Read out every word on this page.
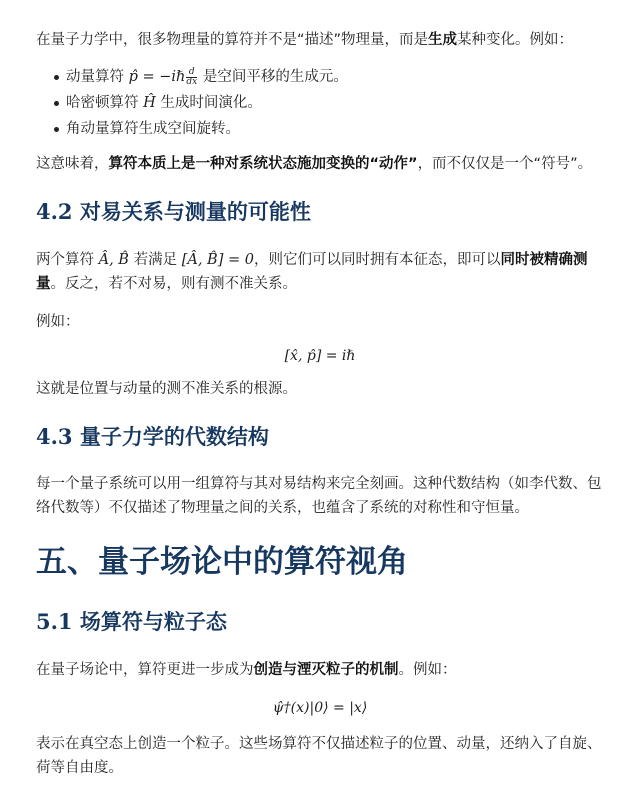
在量子力学中，很多物理量的算符并不是“描述”物理量，而是生成某种变化。例如：

动量算符 p̂ = −iℏ $\frac{d}{dx}$ 是空间平移的生成元。
哈密顿算符 Ĥ 生成时间演化。
角动量算符生成空间旋转。

这意味着，算符本质上是一种对系统状态施加变换的“动作”，而不仅仅是一个“符号”。

4.2 对易关系与测量的可能性

两个算符 Â, B̂ 若满足 [Â, B̂] = 0，则它们可以同时拥有本征态，即可以同时被精确测量。反之，若不对易，则有测不准关系。

例如：

[x̂, p̂] = iℏ

这就是位置与动量的测不准关系的根源。

4.3 量子力学的代数结构

每一个量子系统可以用一组算符与其对易结构来完全刻画。这种代数结构（如李代数、包络代数等）不仅描述了物理量之间的关系，也蕴含了系统的对称性和守恒量。

五、量子场论中的算符视角
5.1 场算符与粒子态

在量子场论中，算符更进一步成为创造与湮灭粒子的机制。例如：

ψ̂†(x)|0⟩ = |x⟩

表示在真空态上创造一个粒子。这些场算符不仅描述粒子的位置、动量，还纳入了自旋、荷等自由度。
